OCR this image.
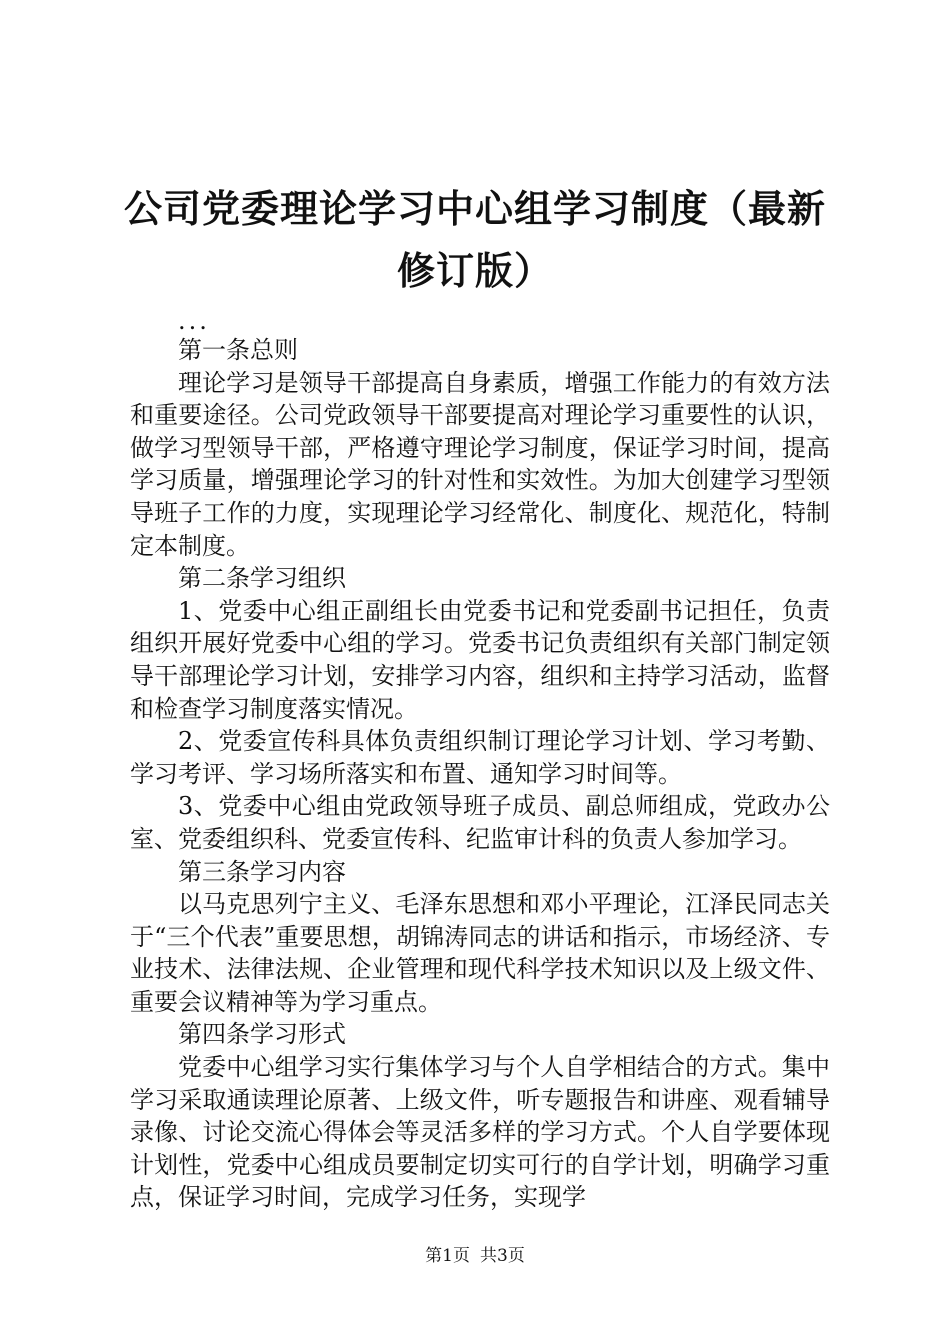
公司党委理论学习中心组学习制度（最新修订版）

...

第一条总则

理论学习是领导干部提高自身素质，增强工作能力的有效方法和重要途径。公司党政领导干部要提高对理论学习重要性的认识，做学习型领导干部，严格遵守理论学习制度，保证学习时间，提高学习质量，增强理论学习的针对性和实效性。为加大创建学习型领导班子工作的力度，实现理论学习经常化、制度化、规范化，特制定本制度。

第二条学习组织

1、党委中心组正副组长由党委书记和党委副书记担任，负责组织开展好党委中心组的学习。党委书记负责组织有关部门制定领导干部理论学习计划，安排学习内容，组织和主持学习活动，监督和检查学习制度落实情况。

2、党委宣传科具体负责组织制订理论学习计划、学习考勤、学习考评、学习场所落实和布置、通知学习时间等。

3、党委中心组由党政领导班子成员、副总师组成，党政办公室、党委组织科、党委宣传科、纪监审计科的负责人参加学习。

第三条学习内容

以马克思列宁主义、毛泽东思想和邓小平理论，江泽民同志关于“三个代表”重要思想，胡锦涛同志的讲话和指示，市场经济、专业技术、法律法规、企业管理和现代科学技术知识以及上级文件、重要会议精神等为学习重点。

第四条学习形式

党委中心组学习实行集体学习与个人自学相结合的方式。集中学习采取通读理论原著、上级文件，听专题报告和讲座、观看辅导录像、讨论交流心得体会等灵活多样的学习方式。个人自学要体现计划性，党委中心组成员要制定切实可行的自学计划，明确学习重点，保证学习时间，完成学习任务，实现学

第1页 共3页
